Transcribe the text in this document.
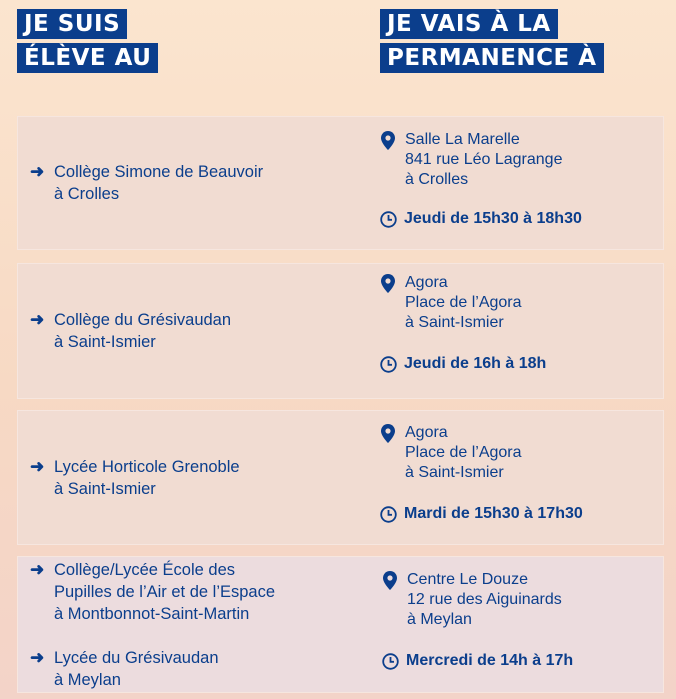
JE SUIS
ÉLÈVE AU
JE VAIS À LA
PERMANENCE À
➜ Collège Simone de Beauvoir
à Crolles
Salle La Marelle
841 rue Léo Lagrange
à Crolles
Jeudi de 15h30 à 18h30
➜ Collège du Grésivaudan
à Saint-Ismier
Agora
Place de l’Agora
à Saint-Ismier
Jeudi de 16h à 18h
➜ Lycée Horticole Grenoble
à Saint-Ismier
Agora
Place de l’Agora
à Saint-Ismier
Mardi de 15h30 à 17h30
➜ Collège/Lycée École des
Pupilles de l’Air et de l’Espace
à Montbonnot-Saint-Martin
➜ Lycée du Grésivaudan
à Meylan
Centre Le Douze
12 rue des Aiguinards
à Meylan
Mercredi de 14h à 17h
